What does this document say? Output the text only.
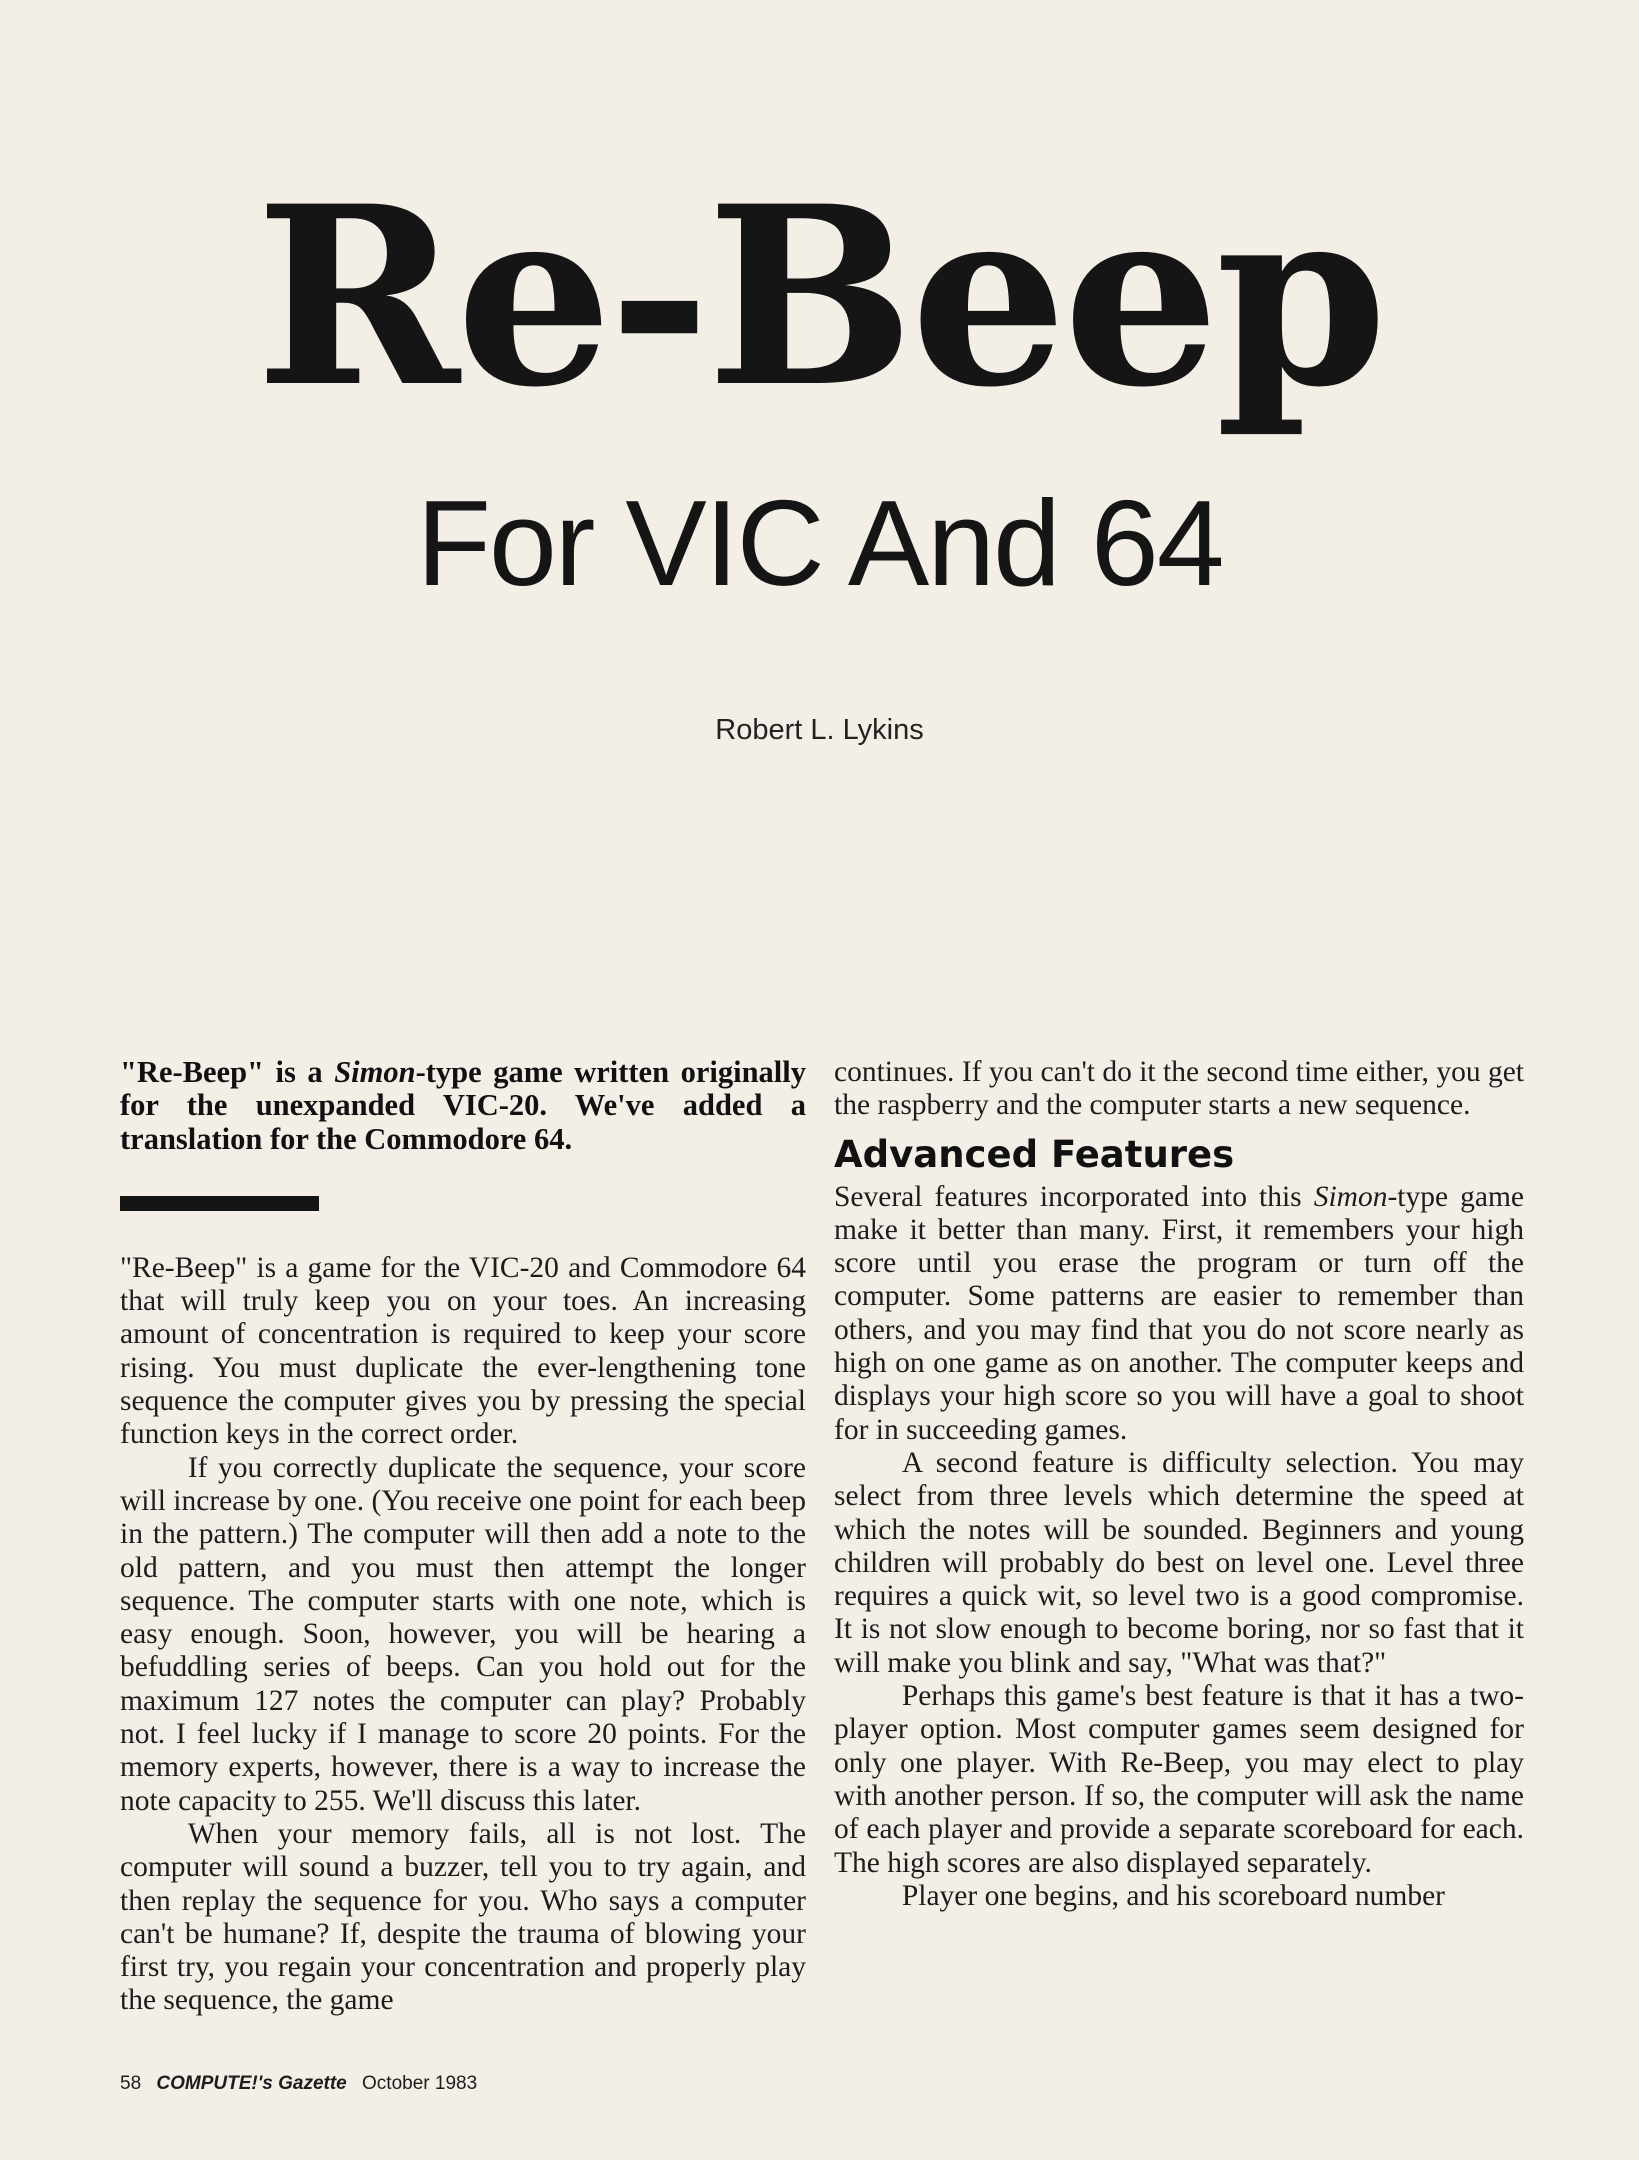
Re-Beep
For VIC And 64
Robert L. Lykins

"Re-Beep" is a Simon-type game written originally for the unexpanded VIC-20. We've added a translation for the Commodore 64.

"Re-Beep" is a game for the VIC-20 and Commodore 64 that will truly keep you on your toes. An increasing amount of concentration is required to keep your score rising. You must duplicate the ever-lengthening tone sequence the computer gives you by pressing the special function keys in the correct order.

If you correctly duplicate the sequence, your score will increase by one. (You receive one point for each beep in the pattern.) The computer will then add a note to the old pattern, and you must then attempt the longer sequence. The computer starts with one note, which is easy enough. Soon, however, you will be hearing a befuddling series of beeps. Can you hold out for the maximum 127 notes the computer can play? Probably not. I feel lucky if I manage to score 20 points. For the memory experts, however, there is a way to increase the note capacity to 255. We'll discuss this later.

When your memory fails, all is not lost. The computer will sound a buzzer, tell you to try again, and then replay the sequence for you. Who says a computer can't be humane? If, despite the trauma of blowing your first try, you regain your concentration and properly play the sequence, the game

continues. If you can't do it the second time either, you get the raspberry and the computer starts a new sequence.

Advanced Features

Several features incorporated into this Simon-type game make it better than many. First, it remembers your high score until you erase the program or turn off the computer. Some patterns are easier to remember than others, and you may find that you do not score nearly as high on one game as on another. The computer keeps and displays your high score so you will have a goal to shoot for in succeeding games.

A second feature is difficulty selection. You may select from three levels which determine the speed at which the notes will be sounded. Beginners and young children will probably do best on level one. Level three requires a quick wit, so level two is a good compromise. It is not slow enough to become boring, nor so fast that it will make you blink and say, "What was that?"

Perhaps this game's best feature is that it has a two-player option. Most computer games seem designed for only one player. With Re-Beep, you may elect to play with another person. If so, the computer will ask the name of each player and provide a separate scoreboard for each. The high scores are also displayed separately.

Player one begins, and his scoreboard number

58 COMPUTE!'s Gazette October 1983
